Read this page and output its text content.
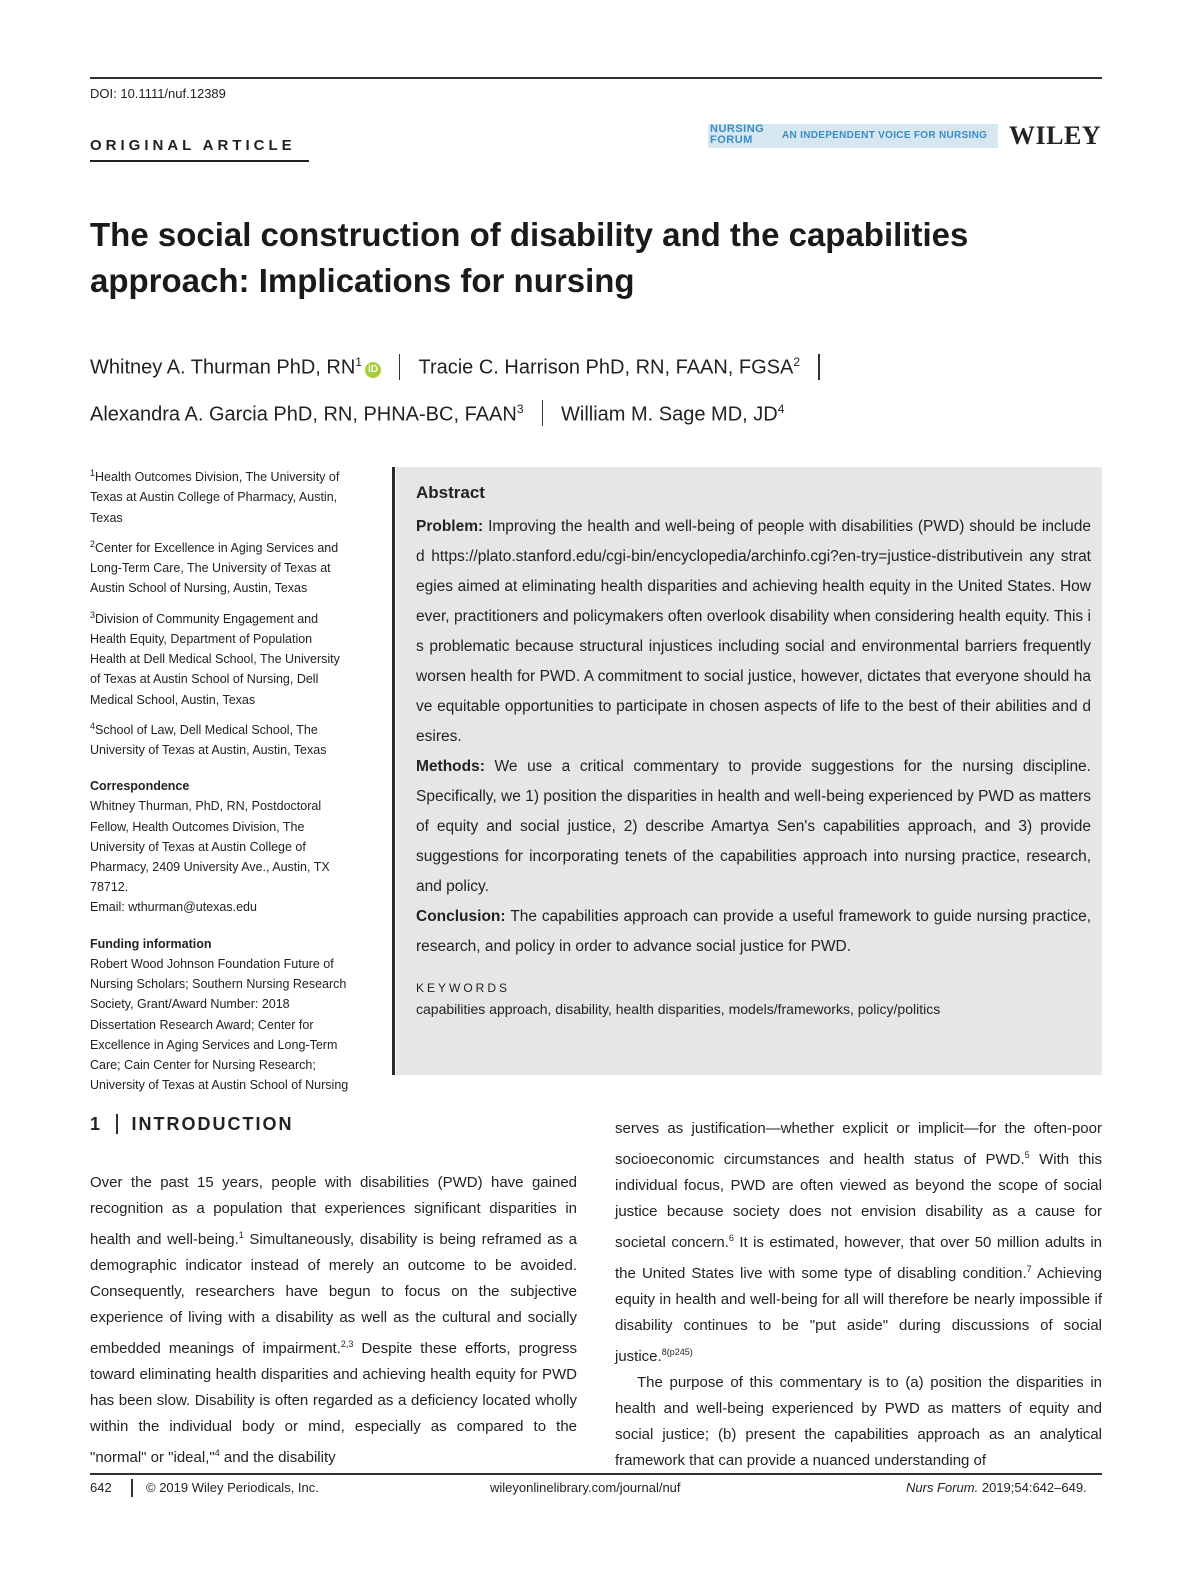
DOI: 10.1111/nuf.12389
ORIGINAL ARTICLE
NURSING
FORUM	AN INDEPENDENT VOICE FOR NURSING WILEY
The social construction of disability and the capabilities
approach: Implications for nursing
Whitney A. Thurman PhD, $RN^1iD$ Tracie C. Harrison PhD, RN, FAAN, FGSA$^2$
Alexandra A. Garcia PhD, RN, PHNA-BC, FAAN$^3$ William M. Sage MD, $JD^4$
$^1$Health Outcomes Division, The University of
Texas at Austin College of Pharmacy, Austin,
Texas
$^2$Center for Excellence in Aging Services and
Long-Term Care, The University of Texas at
Austin School of Nursing, Austin, Texas
$^3$Division of Community Engagement and
Health Equity, Department of Population
Health at Dell Medical School, The University
of Texas at Austin School of Nursing, Dell
Medical School, Austin, Texas
$^4$School of Law, Dell Medical School, The
University of Texas at Austin, Austin, Texas
Correspondence
Whitney Thurman, PhD, RN, Postdoctoral
Fellow, Health Outcomes Division, The
University of Texas at Austin College of
Pharmacy, 2409 University Ave., Austin, TX
78712.
Email: wthurman@utexas.edu
Funding information
Robert Wood Johnson Foundation Future of
Nursing Scholars; Southern Nursing Research
Society, Grant/Award Number: 2018
Dissertation Research Award; Center for
Excellence in Aging Services and Long-Term
Care; Cain Center for Nursing Research;
University of Texas at Austin School of Nursing
Abstract
Problem: Improving the health and well-being of people with disabilities (PWD) should be included https://plato.stanford.edu/cgi-bin/encyclopedia/archinfo.cgi?en-try=justice-distributivein any strategies aimed at eliminating health disparities and achieving health equity in the United States. However, practitioners and policymakers often overlook disability when considering health equity. This is problematic because structural injustices including social and environmental barriers frequently worsen health for PWD. A commitment to social justice, however, dictates that everyone should have equitable opportunities to participate in chosen aspects of life to the best of their abilities and desires.
Methods: We use a critical commentary to provide suggestions for the nursing discipline. Specifically, we 1) position the disparities in health and well-being experienced by PWD as matters of equity and social justice, 2) describe Amartya Sen's capabilities approach, and 3) provide suggestions for incorporating tenets of the capabilities approach into nursing practice, research, and policy.
Conclusion: The capabilities approach can provide a useful framework to guide nursing practice, research, and policy in order to advance social justice for PWD.
KEYWORDS
capabilities approach, disability, health disparities, models/frameworks, policy/politics
1 INTRODUCTION
Over the past 15 years, people with disabilities (PWD) have gained recognition as a population that experiences significant disparities in health and well-being.$^1$ Simultaneously, disability is being reframed as a demographic indicator instead of merely an outcome to be avoided. Consequently, researchers have begun to focus on the subjective experience of living with a disability as well as the cultural and socially embedded meanings of impairment.$^{2,3}$ Despite these efforts, progress toward eliminating health disparities and achieving health equity for PWD has been slow. Disability is often regarded as a deficiency located wholly within the individual body or mind, especially as compared to the "normal" or "ideal,"$^4$ and the disability
serves as justification—whether explicit or implicit—for the often-poor socioeconomic circumstances and health status of PWD.$^5$ With this individual focus, PWD are often viewed as beyond the scope of social justice because society does not envision disability as a cause for societal concern.$^6$ It is estimated, however, that over 50 million adults in the United States live with some type of disabling condition.$^7$ Achieving equity in health and well-being for all will therefore be nearly impossible if disability continues to be "put aside" during discussions of social justice.$^{8(p245)}$
The purpose of this commentary is to (a) position the disparities in health and well-being experienced by PWD as matters of equity and social justice; (b) present the capabilities approach as an analytical framework that can provide a nuanced understanding of
642	© 2019 Wiley Periodicals, Inc.	wileyonlinelibrary.com/journal/nuf	Nurs Forum. 2019;54:642–649.
